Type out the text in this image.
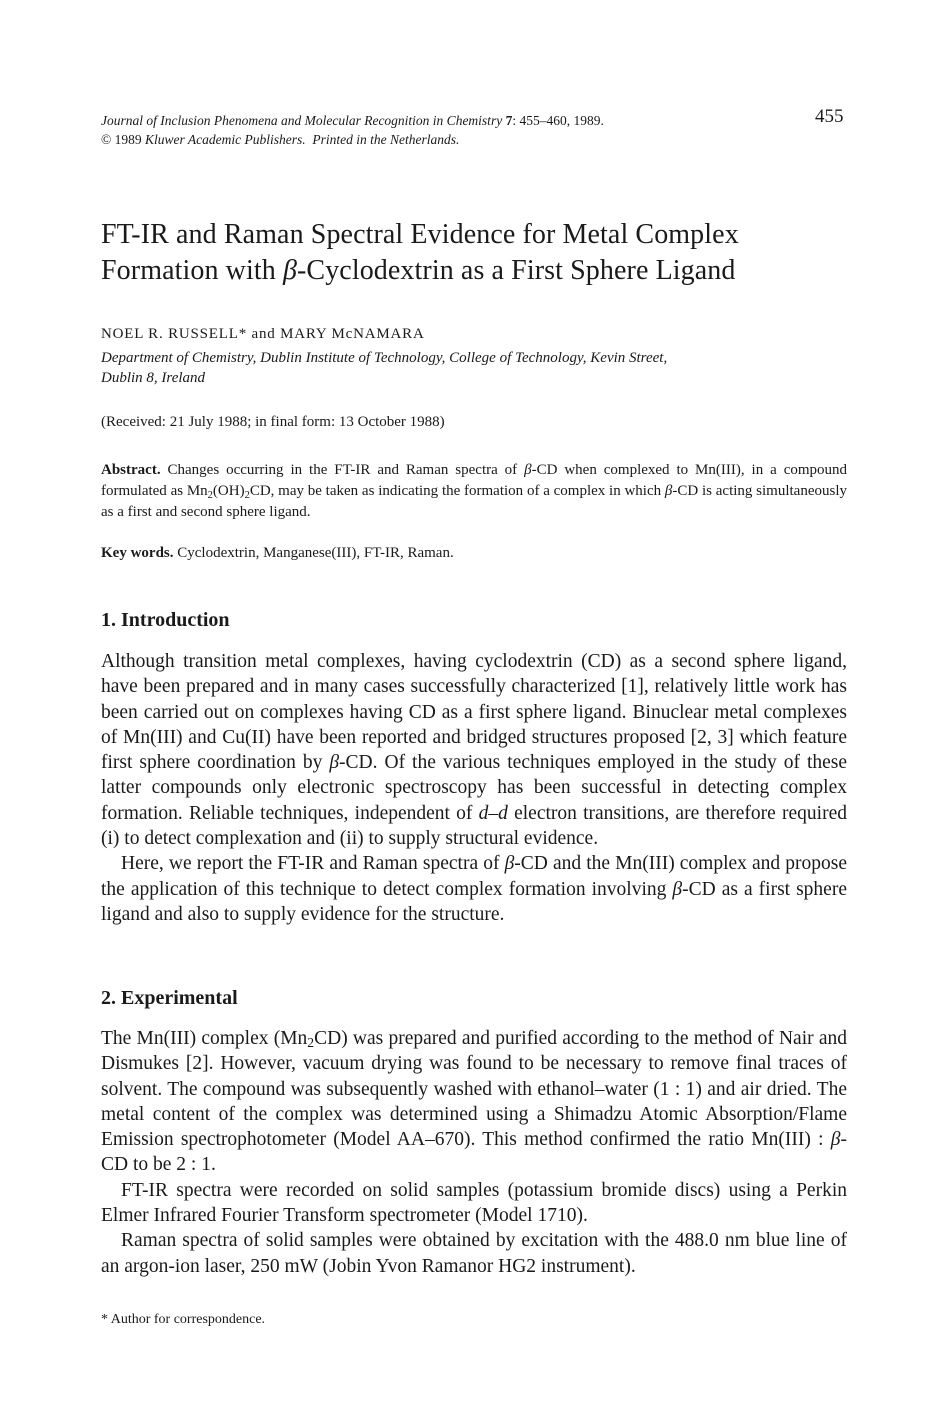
Journal of Inclusion Phenomena and Molecular Recognition in Chemistry 7: 455–460, 1989.
© 1989 Kluwer Academic Publishers. Printed in the Netherlands.
455
FT-IR and Raman Spectral Evidence for Metal Complex
Formation with β-Cyclodextrin as a First Sphere Ligand
NOEL R. RUSSELL* and MARY McNAMARA
Department of Chemistry, Dublin Institute of Technology, College of Technology, Kevin Street,
Dublin 8, Ireland
(Received: 21 July 1988; in final form: 13 October 1988)
Abstract. Changes occurring in the FT-IR and Raman spectra of β-CD when complexed to Mn(III), in a compound formulated as $Mn_2(OH)_2CD$, may be taken as indicating the formation of a complex in which β-CD is acting simultaneously as a first and second sphere ligand.
Key words. Cyclodextrin, Manganese(III), FT-IR, Raman.
1. Introduction

Although transition metal complexes, having cyclodextrin (CD) as a second sphere ligand, have been prepared and in many cases successfully characterized [1], relatively little work has been carried out on complexes having CD as a first sphere ligand. Binuclear metal complexes of Mn(III) and Cu(II) have been reported and bridged structures proposed [2, 3] which feature first sphere coordination by β-CD. Of the various techniques employed in the study of these latter compounds only electronic spectroscopy has been successful in detecting complex formation. Reliable techniques, independent of d–d electron transitions, are therefore required (i) to detect complexation and (ii) to supply structural evidence.

Here, we report the FT-IR and Raman spectra of β-CD and the Mn(III) complex and propose the application of this technique to detect complex formation involving β-CD as a first sphere ligand and also to supply evidence for the structure.

2. Experimental

The Mn(III) complex $(Mn_2CD)$ was prepared and purified according to the method of Nair and Dismukes [2]. However, vacuum drying was found to be necessary to remove final traces of solvent. The compound was subsequently washed with ethanol–water (1 : 1) and air dried. The metal content of the complex was determined using a Shimadzu Atomic Absorption/Flame Emission spectrophotometer (Model AA–670). This method confirmed the ratio Mn(III) : β-CD to be 2 : 1.

FT-IR spectra were recorded on solid samples (potassium bromide discs) using a Perkin Elmer Infrared Fourier Transform spectrometer (Model 1710).

Raman spectra of solid samples were obtained by excitation with the 488.0 nm blue line of an argon-ion laser, 250 mW (Jobin Yvon Ramanor HG2 instrument).

* Author for correspondence.
